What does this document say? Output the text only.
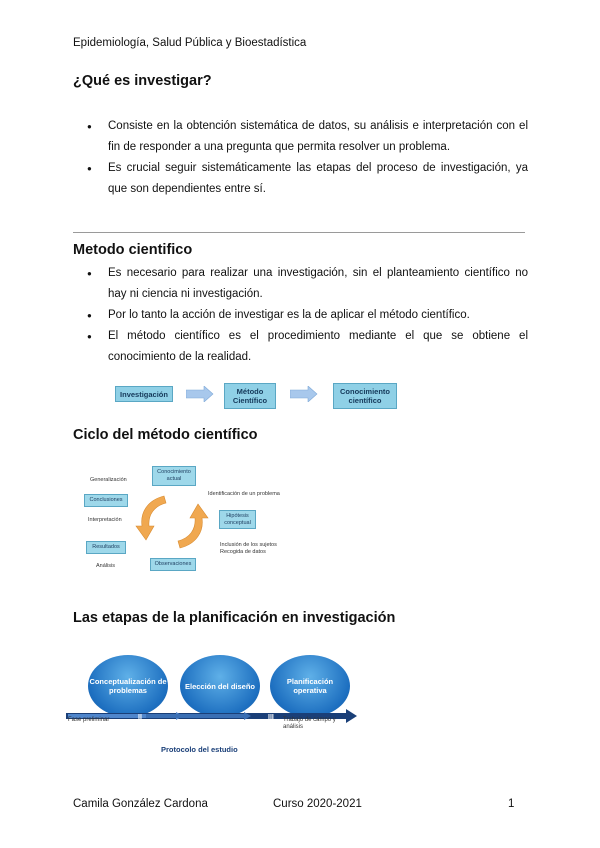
Epidemiología, Salud Pública y Bioestadística
¿Qué es investigar?
● Consiste en la obtención sistemática de datos, su análisis e interpretación con el fin de responder a una pregunta que permita resolver un problema.
● Es crucial seguir sistemáticamente las etapas del proceso de investigación, ya que son dependientes entre sí.
Metodo cientifico
● Es necesario para realizar una investigación, sin el planteamiento científico no hay ni ciencia ni investigación.
● Por lo tanto la acción de investigar es la de aplicar el método científico.
● El método científico es el procedimiento mediante el que se obtiene el conocimiento de la realidad.
Investigación	Método Científico
Conocimiento científico
Ciclo del método científico
Conocimiento actual
Identificación de un problema
Hipótesis conceptual
Inclusión de los sujetos
Recogida de datos
Observaciones
Análisis
Resultados
Interpretación
Conclusiones
Generalización
Las etapas de la planificación en investigación
Conceptualización de problemas	Elección del diseño	Planificación operativa
Fase preliminar	II	III Trabajo de campo y análisis
Protocolo del estudio
Camila González Cardona	Curso 2020-2021	1
